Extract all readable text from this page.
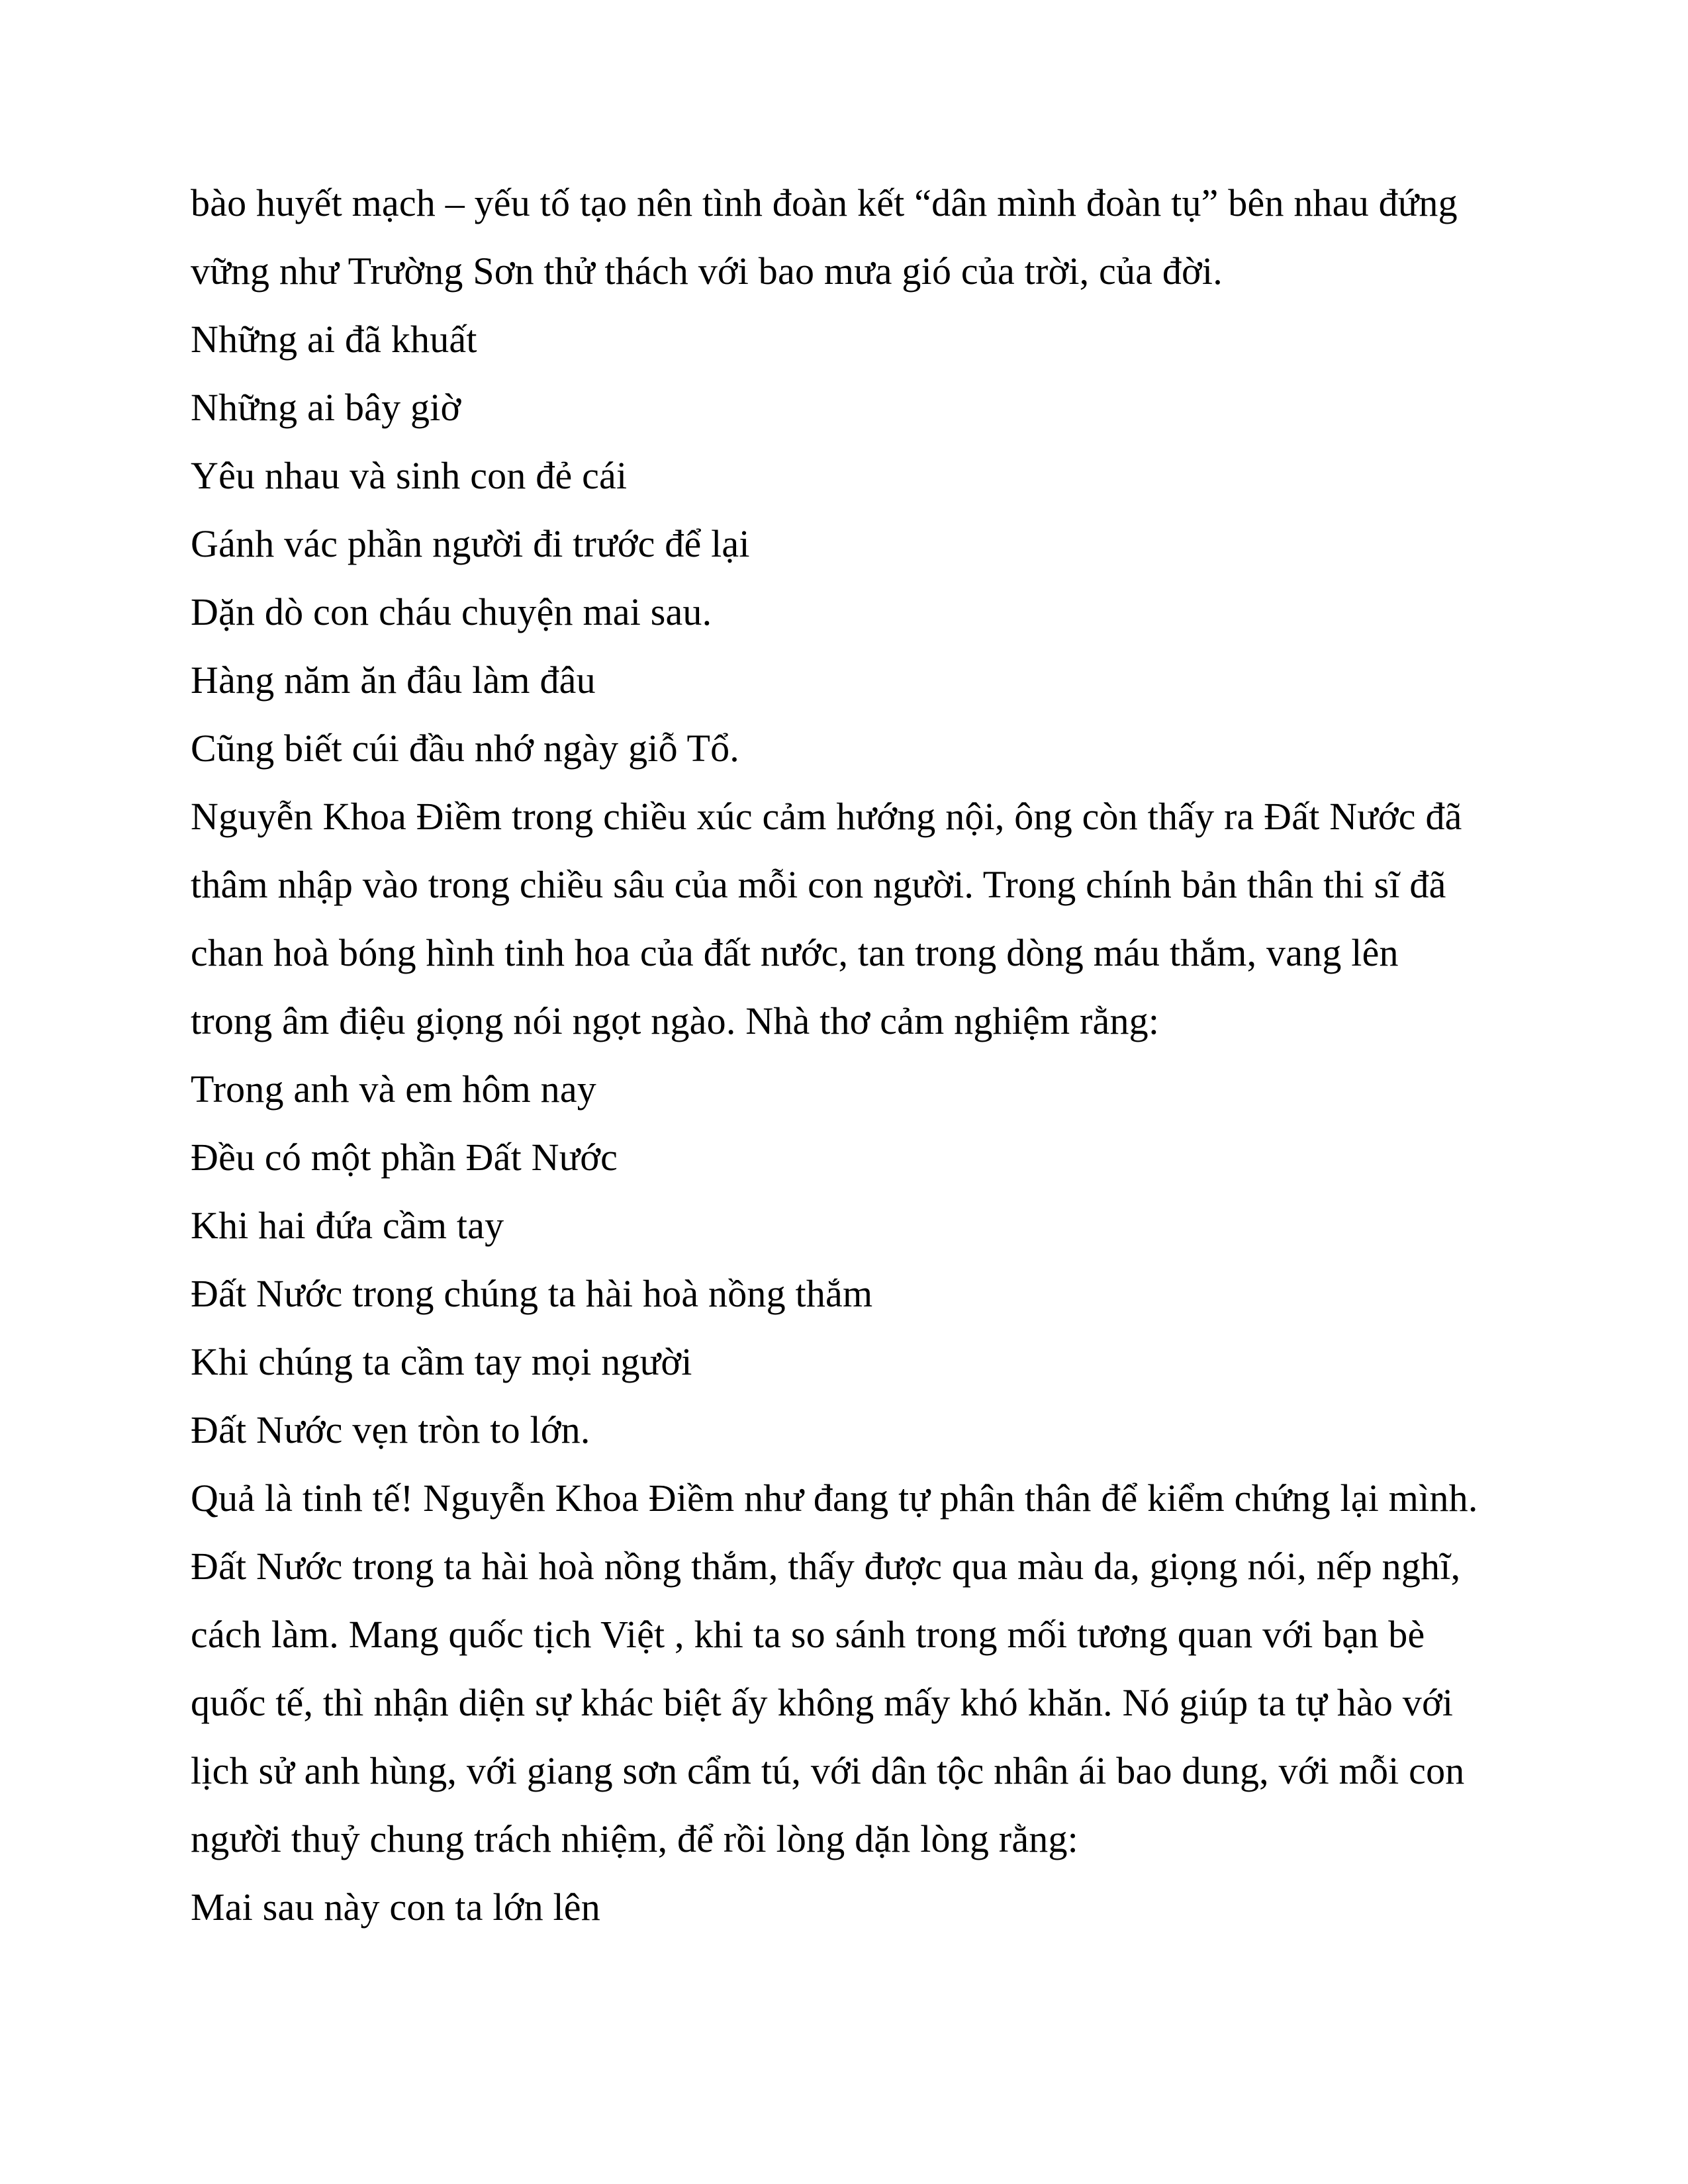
bào huyết mạch – yếu tố tạo nên tình đoàn kết “dân mình đoàn tụ” bên nhau đứng
vững như Trường Sơn thử thách với bao mưa gió của trời, của đời.
Những ai đã khuất
Những ai bây giờ
Yêu nhau và sinh con đẻ cái
Gánh vác phần người đi trước để lại
Dặn dò con cháu chuyện mai sau.
Hàng năm ăn đâu làm đâu
Cũng biết cúi đầu nhớ ngày giỗ Tổ.
Nguyễn Khoa Điềm trong chiều xúc cảm hướng nội, ông còn thấy ra Đất Nước đã
thâm nhập vào trong chiều sâu của mỗi con người. Trong chính bản thân thi sĩ đã
chan hoà bóng hình tinh hoa của đất nước, tan trong dòng máu thắm, vang lên
trong âm điệu giọng nói ngọt ngào. Nhà thơ cảm nghiệm rằng:
Trong anh và em hôm nay
Đều có một phần Đất Nước
Khi hai đứa cầm tay
Đất Nước trong chúng ta hài hoà nồng thắm
Khi chúng ta cầm tay mọi người
Đất Nước vẹn tròn to lớn.
Quả là tinh tế! Nguyễn Khoa Điềm như đang tự phân thân để kiểm chứng lại mình.
Đất Nước trong ta hài hoà nồng thắm, thấy được qua màu da, giọng nói, nếp nghĩ,
cách làm. Mang quốc tịch Việt , khi ta so sánh trong mối tương quan với bạn bè
quốc tế, thì nhận diện sự khác biệt ấy không mấy khó khăn. Nó giúp ta tự hào với
lịch sử anh hùng, với giang sơn cẩm tú, với dân tộc nhân ái bao dung, với mỗi con
người thuỷ chung trách nhiệm, để rồi lòng dặn lòng rằng:
Mai sau này con ta lớn lên
